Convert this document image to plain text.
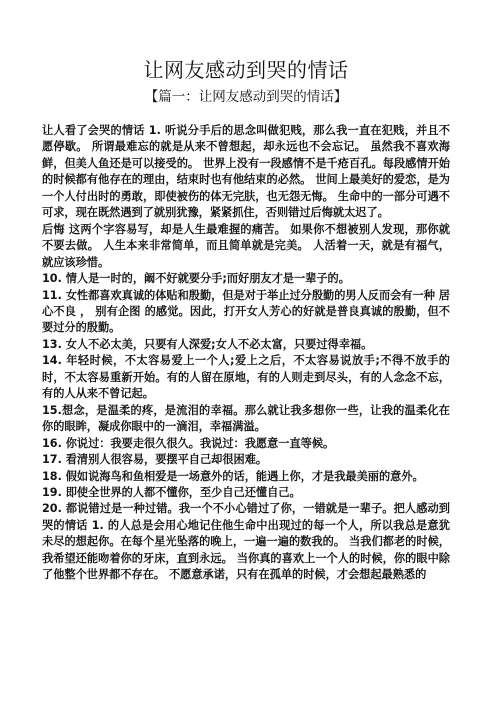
让网友感动到哭的情话
【篇一：让网友感动到哭的情话】

让人看了会哭的情话 1. 听说分手后的思念叫做犯贱，那么我一直在犯贱，并且不愿停歇。 所谓最难忘的就是从来不曾想起，却永远也不会忘记。 虽然我不喜欢海鲜，但美人鱼还是可以接受的。 世界上没有一段感情不是千疮百孔。每段感情开始的时候都有他存在的理由，结束时也有他结束的必然。 世间上最美好的爱恋，是为一个人付出时的勇敢，即使被伤的体无完肤，也无怨无悔。 生命中的一部分可遇不可求，现在既然遇到了就别犹豫，紧紧抓住，否则错过后悔就太迟了。

后悔 这两个字容易写，却是人生最难握的痛苦。 如果你不想被别人发现，那你就不要去做。 人生本来非常简单，而且简单就是完美。 人活着一天，就是有福气，就应该珍惜。

10. 情人是一时的，阚不好就要分手;而好朋友才是一辈子的。

11. 女性都喜欢真诚的体贴和殷勤，但是对于举止过分殷勤的男人反而会有一种 居心不良 ， 别有企图 的感觉。因此，打开女人芳心的好就是普良真诚的殷勤，但不要过分的殷勤。

13. 女人不必太美，只要有人深爱;女人不必太富，只要过得幸福。

14. 年轻时候，不太容易爱上一个人;爱上之后，不太容易说放手;不得不放手的时，不太容易重新开始。有的人留在原地，有的人则走到尽头，有的人念念不忘，有的人从来不曾记起。

15.想念，是温柔的疼，是流泪的幸福。那么就让我多想你一些，让我的温柔化在你的眼眸，凝成你眼中的一滴泪，幸福满溢。

16. 你说过：我要走很久很久。我说过：我愿意一直等候。

17. 看清别人很容易，要摆平自己却很困难。

18. 假如说海鸟和鱼相爱是一场意外的话，能遇上你，才是我最美丽的意外。

19. 即使全世界的人都不懂你，至少自己还懂自己。

20. 都说错过是一种过错。我一个不小心错过了你，一错就是一辈子。把人感动到哭的情话 1. 的人总是会用心地记住他生命中出现过的每一个人，所以我总是意犹未尽的想起你。在每个星光坠落的晚上，一遍一遍的数我的。 当我们都老的时候，我希望还能吻着你的牙床，直到永远。 当你真的喜欢上一个人的时候，你的眼中除了他整个世界都不存在。 不愿意承诺，只有在孤单的时候，才会想起最熟悉的
